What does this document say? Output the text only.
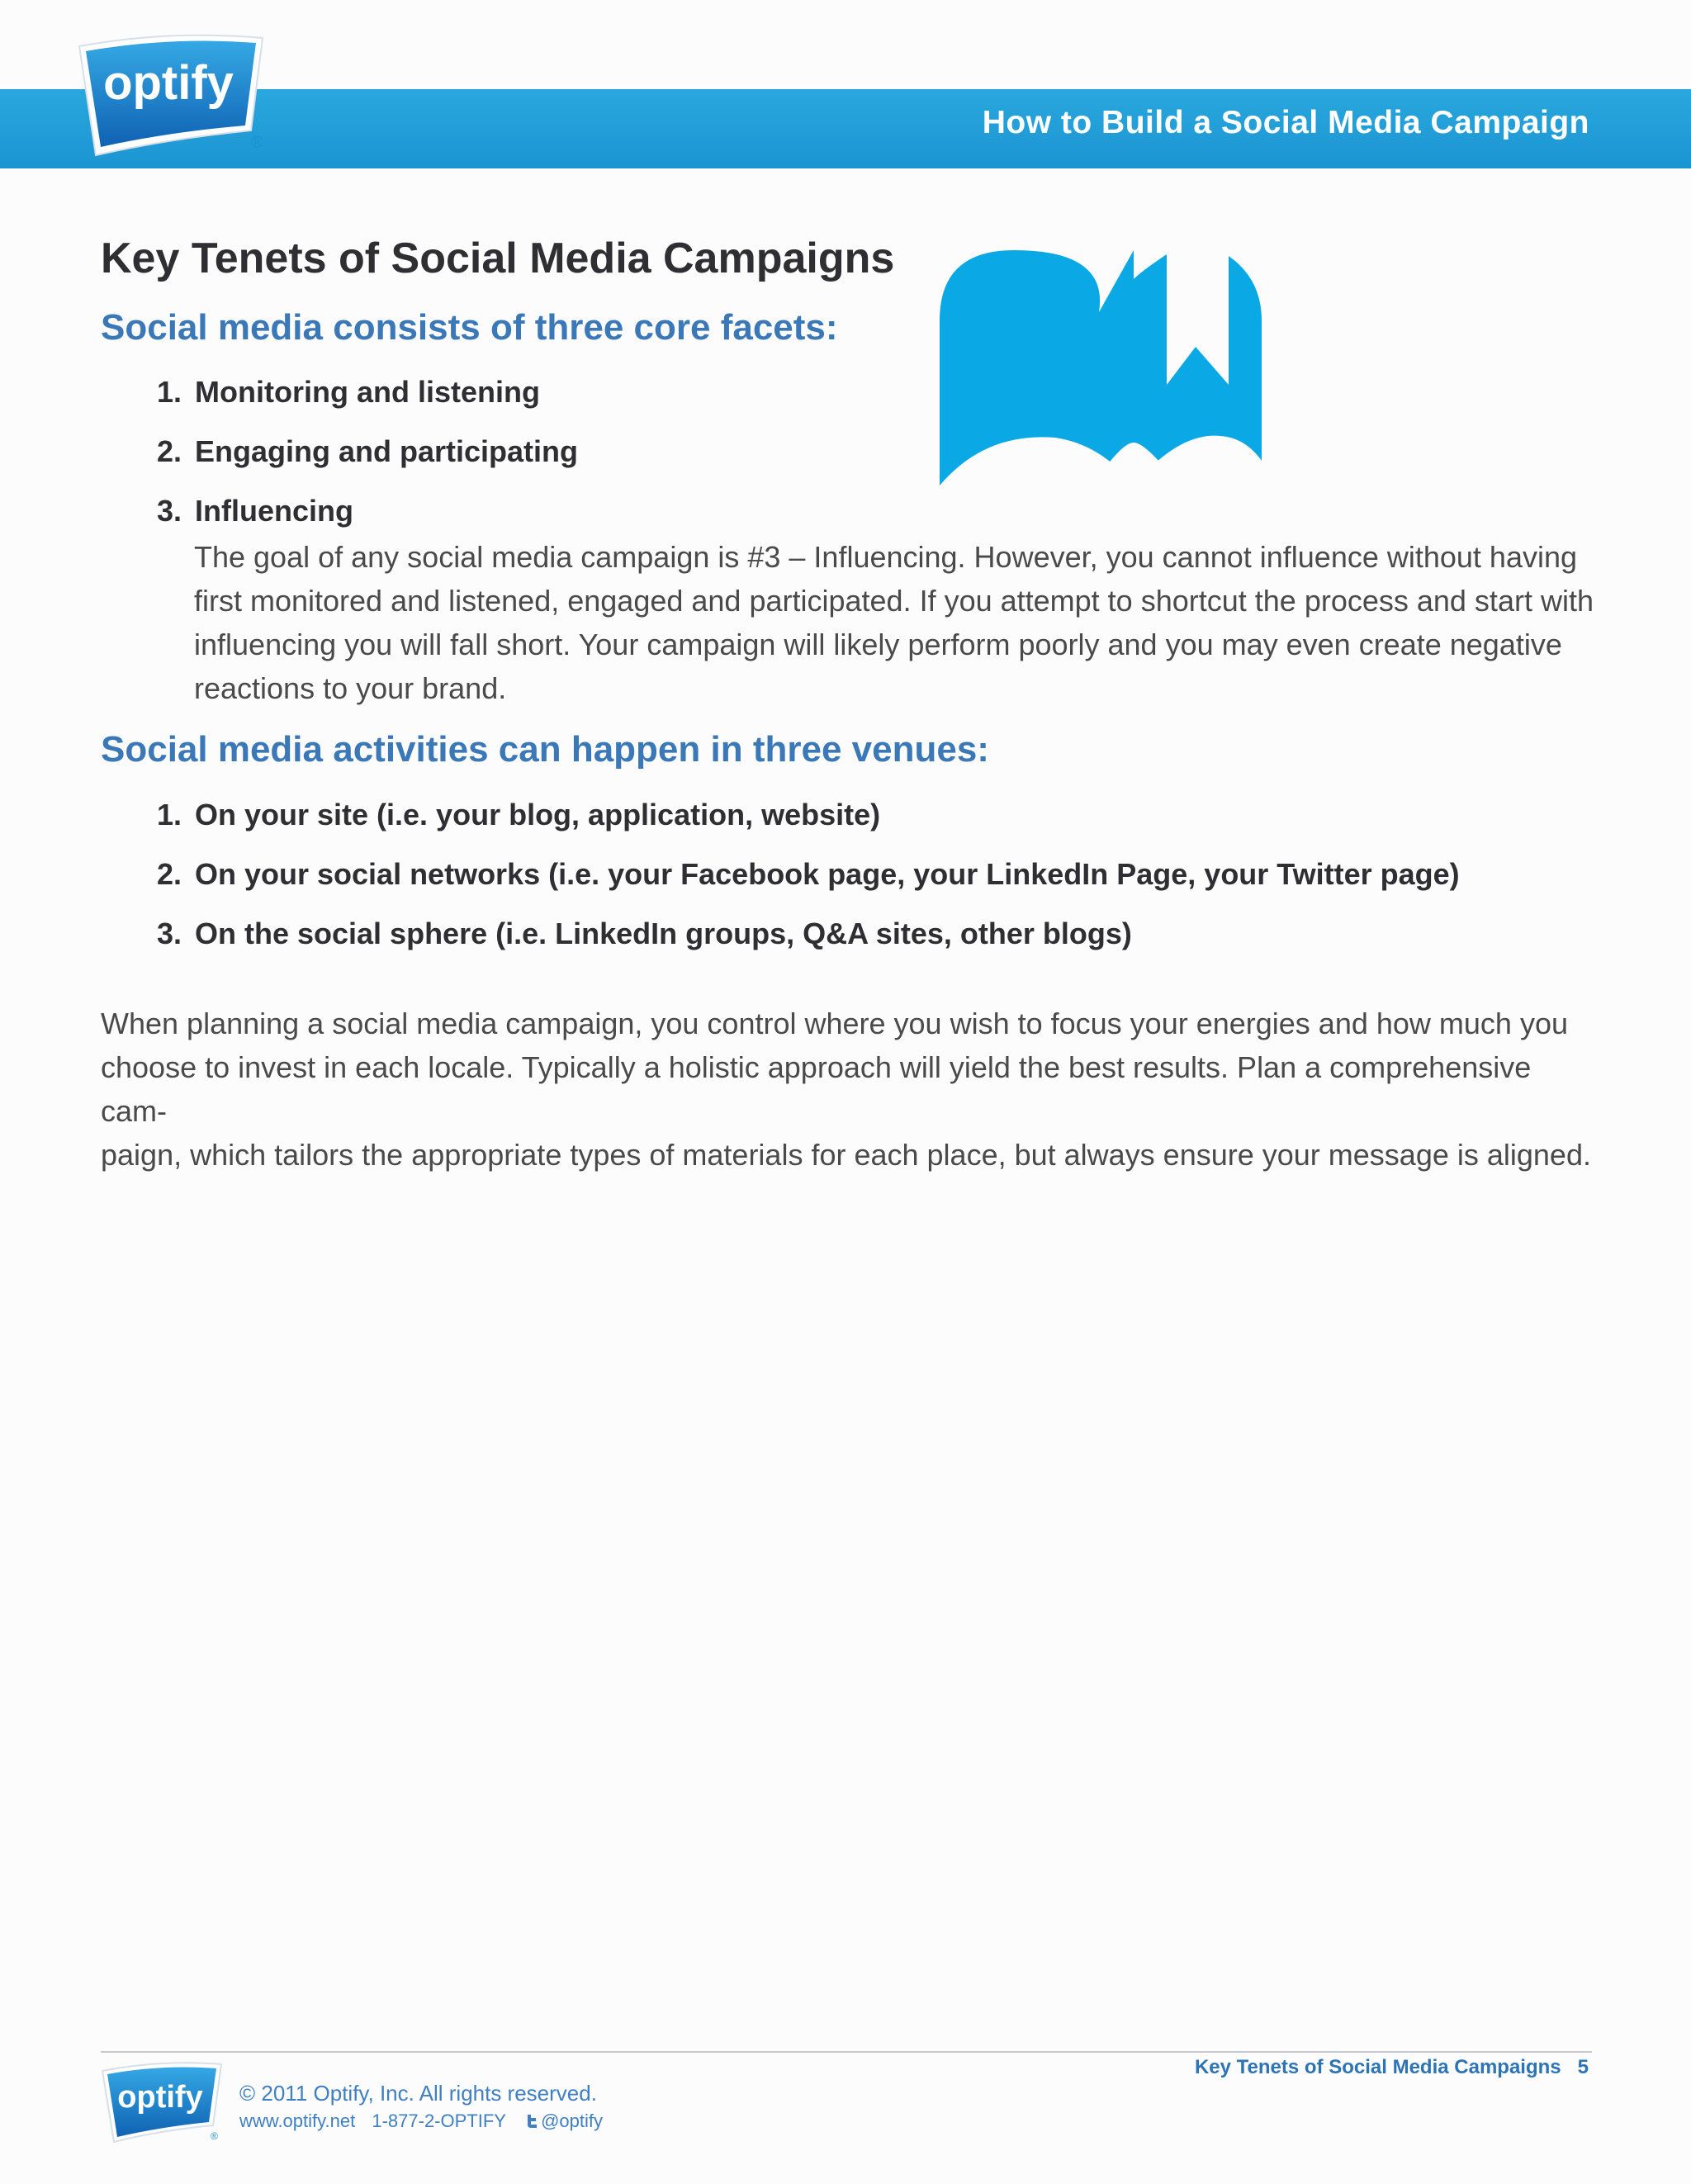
optify
®
How to Build a Social Media Campaign
Key Tenets of Social Media Campaigns
Social media consists of three core facets:
1. Monitoring and listening
2. Engaging and participating
3. Influencing
The goal of any social media campaign is #3 – Influencing. However, you cannot influence without having
first monitored and listened, engaged and participated. If you attempt to shortcut the process and start with
influencing you will fall short. Your campaign will likely perform poorly and you may even create negative
reactions to your brand.
Social media activities can happen in three venues:
1. On your site (i.e. your blog, application, website)
2. On your social networks (i.e. your Facebook page, your LinkedIn Page, your Twitter page)
3. On the social sphere (i.e. LinkedIn groups, Q&A sites, other blogs)
When planning a social media campaign, you control where you wish to focus your energies and how much you
choose to invest in each locale. Typically a holistic approach will yield the best results. Plan a comprehensive cam-
paign, which tailors the appropriate types of materials for each place, but always ensure your message is aligned.
Key Tenets of Social Media Campaigns 5
optify
®
© 2011 Optify, Inc. All rights reserved.
www.optify.net 1-877-2-OPTIFY @optify
